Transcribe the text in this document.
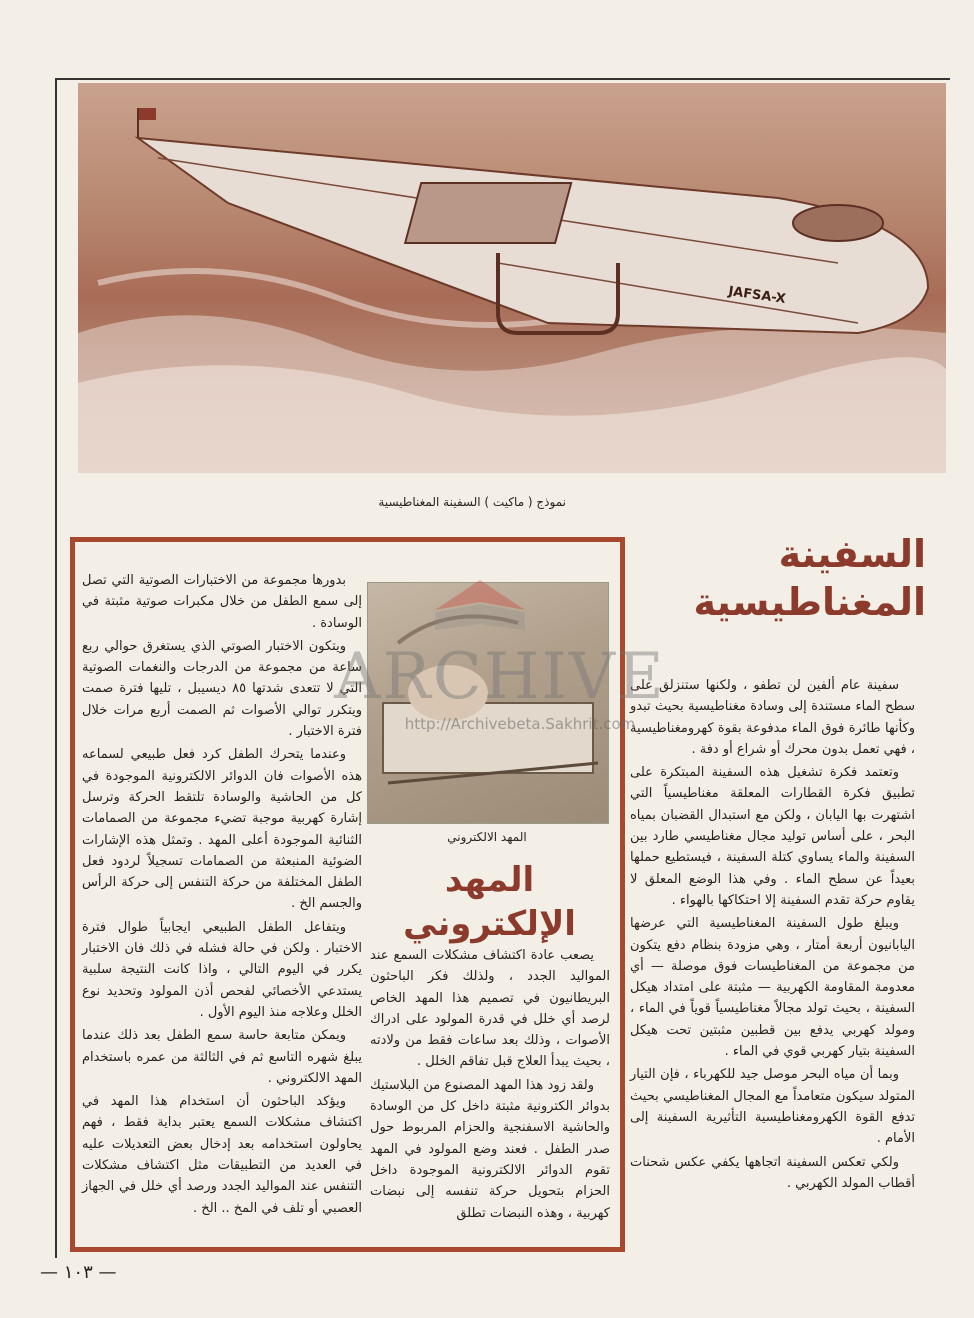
JAFSA-X
نموذج ( ماكيت ) السفينة المغناطيسية
السفينة المغناطيسية

سفينة عام ألفين لن تطفو ، ولكنها ستنزلق على سطح الماء مستندة إلى وسادة مغناطيسية بحيث تبدو وكأنها طائرة فوق الماء مدفوعة بقوة كهرومغناطيسية ، فهي تعمل بدون محرك أو شراع أو دفة .

وتعتمد فكرة تشغيل هذه السفينة المبتكرة على تطبيق فكرة القطارات المعلقة مغناطيسياً التي اشتهرت بها اليابان ، ولكن مع استبدال القضبان بمياه البحر ، على أساس توليد مجال مغناطيسي طارد بين السفينة والماء يساوي كتلة السفينة ، فيستطيع حملها بعيداً عن سطح الماء . وفي هذا الوضع المعلق لا يقاوم حركة تقدم السفينة إلا احتكاكها بالهواء .

ويبلغ طول السفينة المغناطيسية التي عرضها اليابانيون أربعة أمتار ، وهي مزودة بنظام دفع يتكون من مجموعة من المغناطيسات فوق موصلة — أي معدومة المقاومة الكهربية — مثبتة على امتداد هيكل السفينة ، بحيث تولد مجالاً مغناطيسياً قوياً في الماء ، ومولد كهربي يدفع بين قطبين مثبتين تحت هيكل السفينة بتيار كهربي قوي في الماء .

وبما أن مياه البحر موصل جيد للكهرباء ، فإن التيار المتولد سيكون متعامداً مع المجال المغناطيسي بحيث تدفع القوة الكهرومغناطيسية التأثيرية السفينة إلى الأمام .

ولكي تعكس السفينة اتجاهها يكفي عكس شحنات أقطاب المولد الكهربي .

المهد الالكتروني
المهد الإلكتروني

يصعب عادة اكتشاف مشكلات السمع عند المواليد الجدد ، ولذلك فكر الباحثون البريطانيون في تصميم هذا المهد الخاص لرصد أي خلل في قدرة المولود على ادراك الأصوات ، وذلك بعد ساعات فقط من ولادته ، بحيث يبدأ العلاج قبل تفاقم الخلل .

ولقد زود هذا المهد المصنوع من البلاستيك بدوائر الكترونية مثبتة داخل كل من الوسادة والحاشية الاسفنجية والحزام المربوط حول صدر الطفل . فعند وضع المولود في المهد تقوم الدوائر الالكترونية الموجودة داخل الحزام بتحويل حركة تنفسه إلى نبضات كهربية ، وهذه النبضات تطلق

بدورها مجموعة من الاختبارات الصوتية التي تصل إلى سمع الطفل من خلال مكبرات صوتية مثبتة في الوسادة .

ويتكون الاختبار الصوتي الذي يستغرق حوالي ربع ساعة من مجموعة من الدرجات والنغمات الصوتية التي لا تتعدى شدتها ٨٥ ديسيبل ، تليها فترة صمت ويتكرر توالي الأصوات ثم الصمت أربع مرات خلال فترة الاختبار .

وعندما يتحرك الطفل كرد فعل طبيعي لسماعه هذه الأصوات فان الدوائر الالكترونية الموجودة في كل من الحاشية والوسادة تلتقط الحركة وترسل إشارة كهربية موجبة تضيء مجموعة من الصمامات الثنائية الموجودة أعلى المهد . وتمثل هذه الإشارات الضوئية المنبعثة من الصمامات تسجيلاً لردود فعل الطفل المختلفة من حركة التنفس إلى حركة الرأس والجسم الخ .

ويتفاعل الطفل الطبيعي ايجابياً طوال فترة الاختبار . ولكن في حالة فشله في ذلك فان الاختبار يكرر في اليوم التالي ، واذا كانت النتيجة سلبية يستدعي الأخصائي لفحص أذن المولود وتحديد نوع الخلل وعلاجه منذ اليوم الأول .

ويمكن متابعة حاسة سمع الطفل بعد ذلك عندما يبلغ شهره التاسع ثم في الثالثة من عمره باستخدام المهد الالكتروني .

ويؤكد الباحثون أن استخدام هذا المهد في اكتشاف مشكلات السمع يعتبر بداية فقط ، فهم يحاولون استخدامه بعد إدخال بعض التعديلات عليه في العديد من التطبيقات مثل اكتشاف مشكلات التنفس عند المواليد الجدد ورصد أي خلل في الجهاز العصبي أو تلف في المخ .. الخ .

ARCHIVE
http://Archivebeta.Sakhrit.com
— ١٠٣ —
